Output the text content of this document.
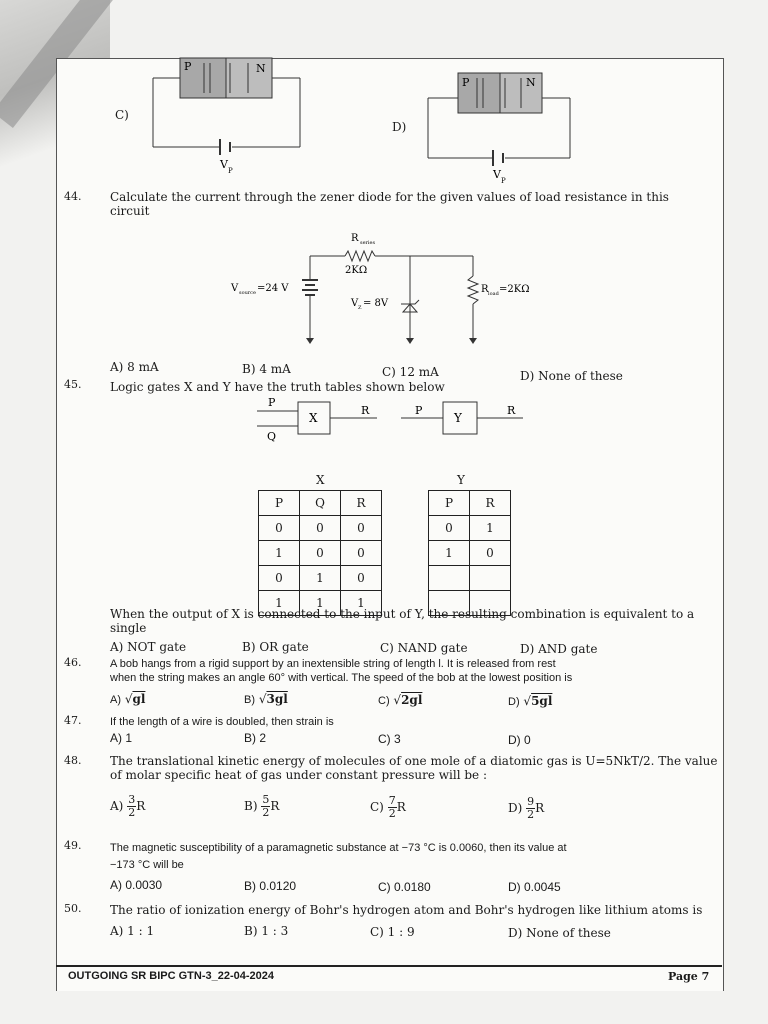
C)
P	N
V P
D)
P	N
V P
44. Calculate the current through the zener diode for the given values of load resistance in this
circuit
R series
2KΩ
V source =24 V
V Z = 8V
R load =2KΩ
A) 8 mA	B) 4 mA	C) 12 mA	D) None of these
45. Logic gates X and Y have the truth tables shown below
P
Q
X
R	P
Y
R
X
P	Q	R
0	0	0
1	0	0
0	1	0
1	1	1
Y
P	R
0	1
1	0

When the output of X is connected to the input of Y, the resulting combination is equivalent to a
single
A) NOT gate	B) OR gate	C) NAND gate	D) AND gate
46.	A bob hangs from a rigid support by an inextensible string of length l. It is released from rest
when the string makes an angle 60° with vertical. The speed of the bob at the lowest position is
A) √gl	B) √3gl	C) √2gl	D) √5gl
47.	If the length of a wire is doubled, then strain is
A) 1	B) 2	C) 3	D) 0
48. The translational kinetic energy of molecules of one mole of a diatomic gas is U=5NkT/2. The value
of molar specific heat of gas under constant pressure will be :
$A) \frac{3}{2}$ R	$B) \frac{5}{2}$ R	$C) \frac{7}{2}$ R	$D) \frac{9}{2}$ R
49.	The magnetic susceptibility of a paramagnetic substance at −73 °C is 0.0060, then its value at
−173 °C will be
A) 0.0030	B) 0.0120	C) 0.0180	D) 0.0045
50. The ratio of ionization energy of Bohr's hydrogen atom and Bohr's hydrogen like lithium atoms is
A) 1 : 1	B) 1 : 3	C) 1 : 9	D) None of these
OUTGOING SR BIPC GTN-3_22-04-2024	Page 7
